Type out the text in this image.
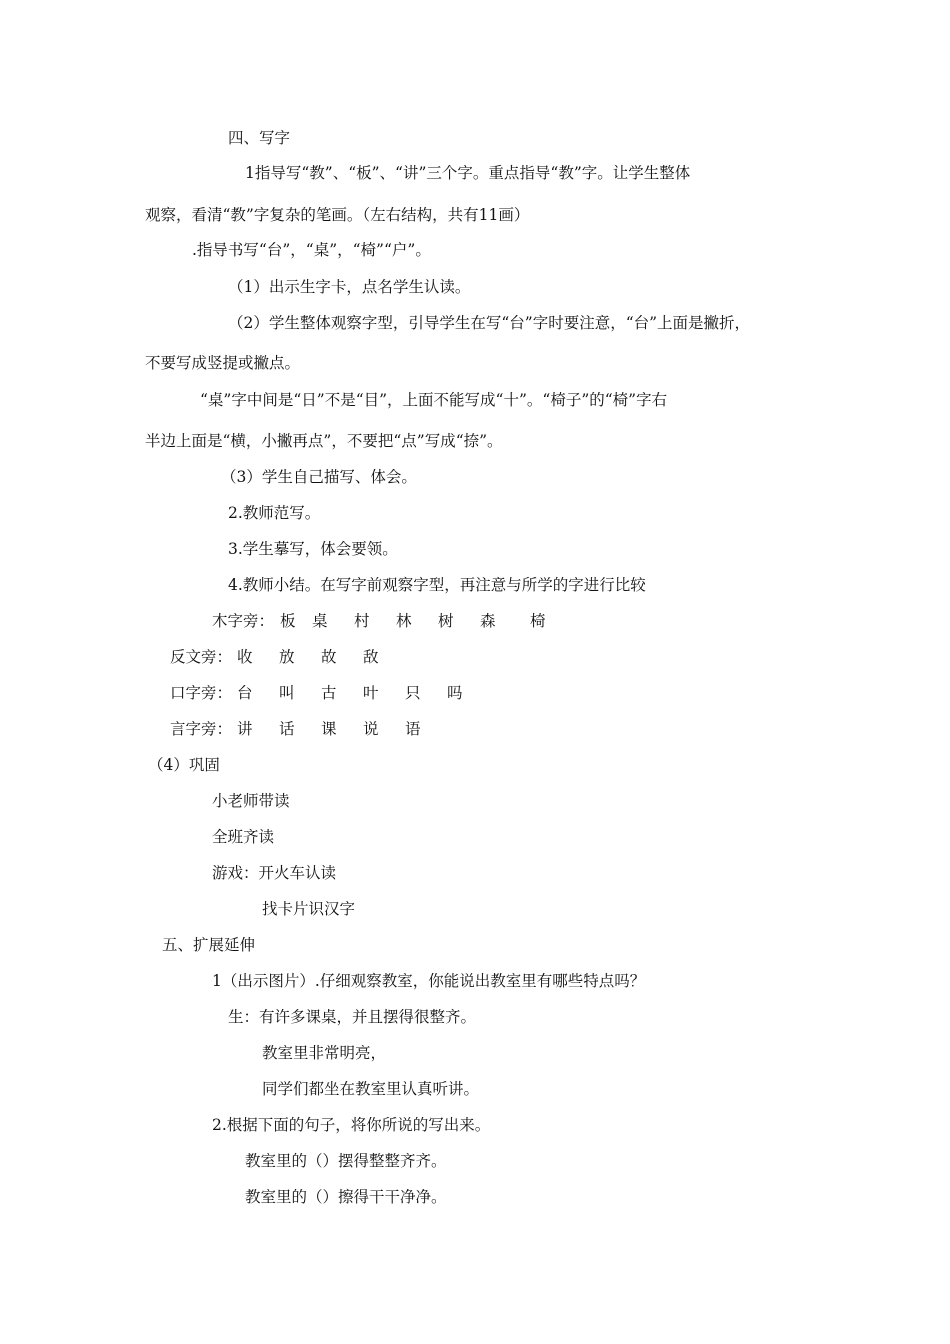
四、写字
1指导写“教”、“板”、“讲”三个字。重点指导“教”字。让学生整体
观察，看清“教”字复杂的笔画。（左右结构，共有11画）
.指导书写“台”，“桌”，“椅”“户”。
（1）出示生字卡，点名学生认读。
（2）学生整体观察字型，引导学生在写“台”字时要注意，“台”上面是撇折，
不要写成竖提或撇点。
“桌”字中间是“日”不是“目”，上面不能写成“十”。“椅子”的“椅”字右
半边上面是“横，小撇再点”，不要把“点”写成“捺”。
（3）学生自己描写、体会。
2.教师范写。
3.学生摹写，体会要领。
4.教师小结。在写字前观察字型，再注意与所学的字进行比较

木字旁：

板

桌

村

林

树

森

椅

反文旁：

收

放

故

敌

口字旁：

台

叫

古

叶

只

吗

言字旁：

讲

话

课

说

语

（4）巩固
小老师带读
全班齐读
游戏：开火车认读
找卡片识汉字
五、扩展延伸
1（出示图片）.仔细观察教室，你能说出教室里有哪些特点吗？
生：有许多课桌，并且摆得很整齐。
教室里非常明亮，
同学们都坐在教室里认真听讲。
2.根据下面的句子，将你所说的写出来。
教室里的（）摆得整整齐齐。
教室里的（）擦得干干净净。
